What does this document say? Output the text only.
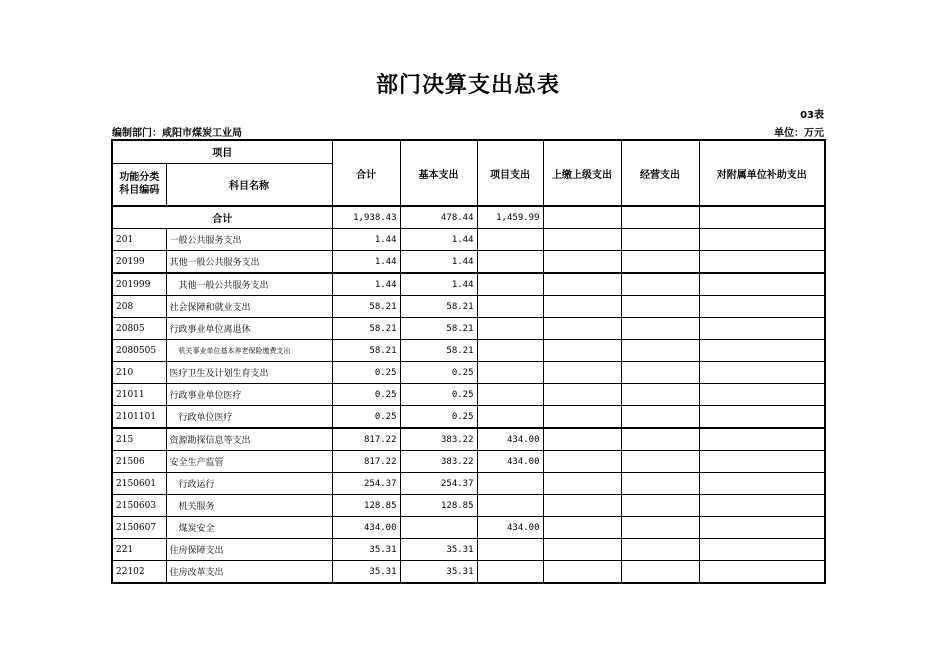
部门决算支出总表
03表
编制部门：咸阳市煤炭工业局	单位：万元
项目		合计	基本支出	项目支出	上缴上级支出	经营支出	对附属单位补助支出
功能分类
科目编码	科目名称						
合计		1,938.43	478.44	1,459.99			
201	一般公共服务支出	1.44	1.44				
20199	其他一般公共服务支出	1.44	1.44				
201999	其他一般公共服务支出	1.44	1.44				
208	社会保障和就业支出	58.21	58.21				
20805	行政事业单位离退休	58.21	58.21				
2080505	机关事业单位基本养老保险缴费支出	58.21	58.21				
210	医疗卫生及计划生育支出	0.25	0.25				
21011	行政事业单位医疗	0.25	0.25				
2101101	行政单位医疗	0.25	0.25				
215	资源勘探信息等支出	817.22	383.22	434.00			
21506	安全生产监管	817.22	383.22	434.00			
2150601	行政运行	254.37	254.37				
2150603	机关服务	128.85	128.85				
2150607	煤炭安全	434.00		434.00			
221	住房保障支出	35.31	35.31				
22102	住房改革支出	35.31	35.31				
